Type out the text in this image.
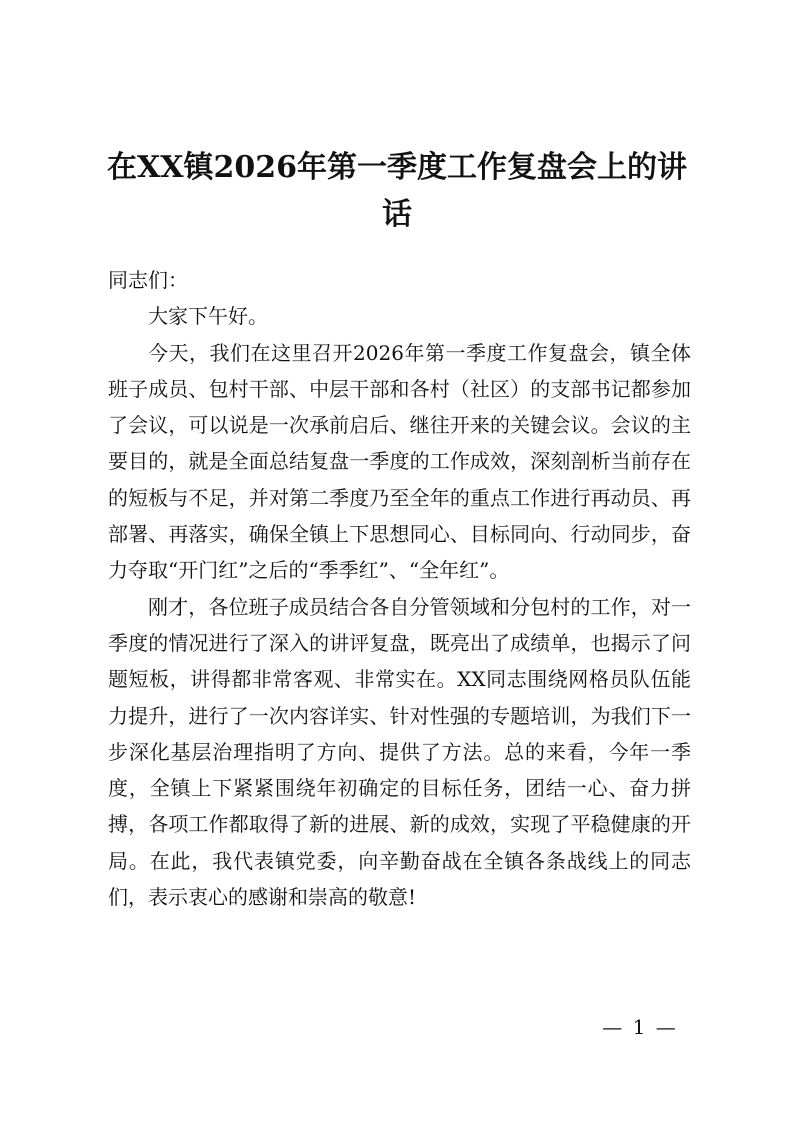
在XX镇2026年第一季度工作复盘会上的讲话

同志们：

大家下午好。

今天，我们在这里召开2026年第一季度工作复盘会，镇全体班子成员、包村干部、中层干部和各村（社区）的支部书记都参加了会议，可以说是一次承前启后、继往开来的关键会议。会议的主要目的，就是全面总结复盘一季度的工作成效，深刻剖析当前存在的短板与不足，并对第二季度乃至全年的重点工作进行再动员、再部署、再落实，确保全镇上下思想同心、目标同向、行动同步，奋力夺取“开门红”之后的“季季红”、“全年红”。

刚才，各位班子成员结合各自分管领域和分包村的工作，对一季度的情况进行了深入的讲评复盘，既亮出了成绩单，也揭示了问题短板，讲得都非常客观、非常实在。XX同志围绕网格员队伍能力提升，进行了一次内容详实、针对性强的专题培训，为我们下一步深化基层治理指明了方向、提供了方法。总的来看，今年一季度，全镇上下紧紧围绕年初确定的目标任务，团结一心、奋力拼搏，各项工作都取得了新的进展、新的成效，实现了平稳健康的开局。在此，我代表镇党委，向辛勤奋战在全镇各条战线上的同志们，表示衷心的感谢和崇高的敬意!

— 1 —
